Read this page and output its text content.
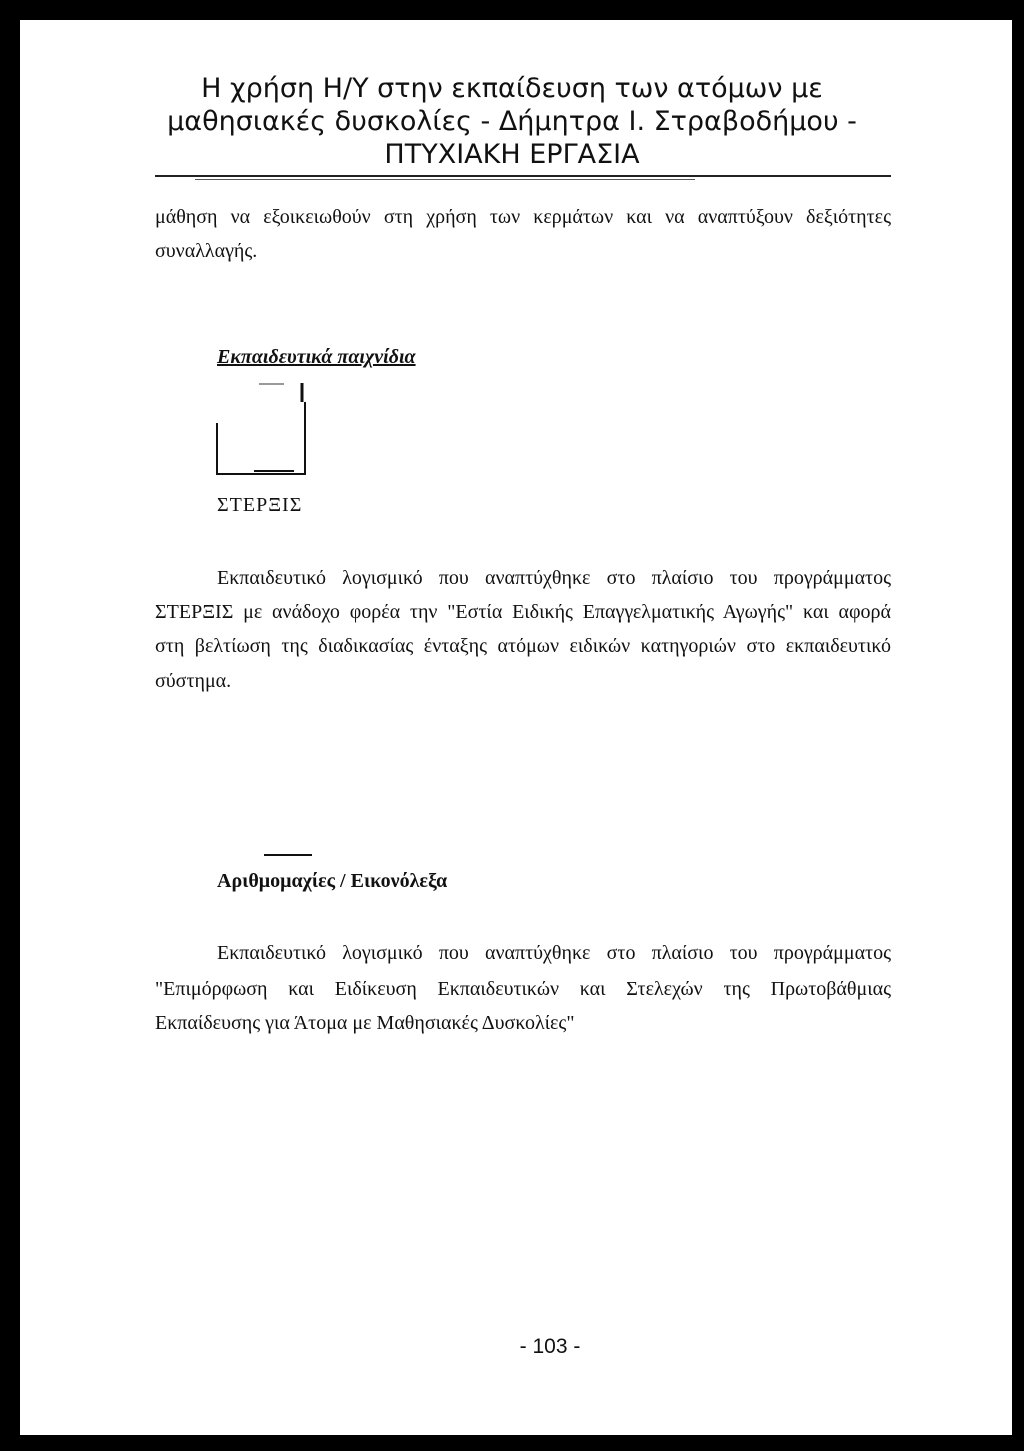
Η χρήση Η/Υ στην εκπαίδευση των ατόμων με
μαθησιακές δυσκολίες - Δήμητρα Ι. Στραβοδήμου -
ΠΤΥΧΙΑΚΗ ΕΡΓΑΣΙΑ
μάθηση να εξοικειωθούν στη χρήση των κερμάτων και να αναπτύξουν δεξιότητες
συναλλαγής.
Εκπαιδευτικά παιχνίδια
ΣΤΕΡΞΙΣ
Εκπαιδευτικό λογισμικό που αναπτύχθηκε στο πλαίσιο του προγράμματος
ΣΤΕΡΞΙΣ με ανάδοχο φορέα την "Εστία Ειδικής Επαγγελματικής Αγωγής" και αφορά
στη βελτίωση της διαδικασίας ένταξης ατόμων ειδικών κατηγοριών στο εκπαιδευτικό
σύστημα.
Αριθμομαχίες / Εικονόλεξα
Εκπαιδευτικό λογισμικό που αναπτύχθηκε στο πλαίσιο του προγράμματος
"Επιμόρφωση και Ειδίκευση Εκπαιδευτικών και Στελεχών της Πρωτοβάθμιας
Εκπαίδευσης για Άτομα με Μαθησιακές Δυσκολίες"
- 103 -
